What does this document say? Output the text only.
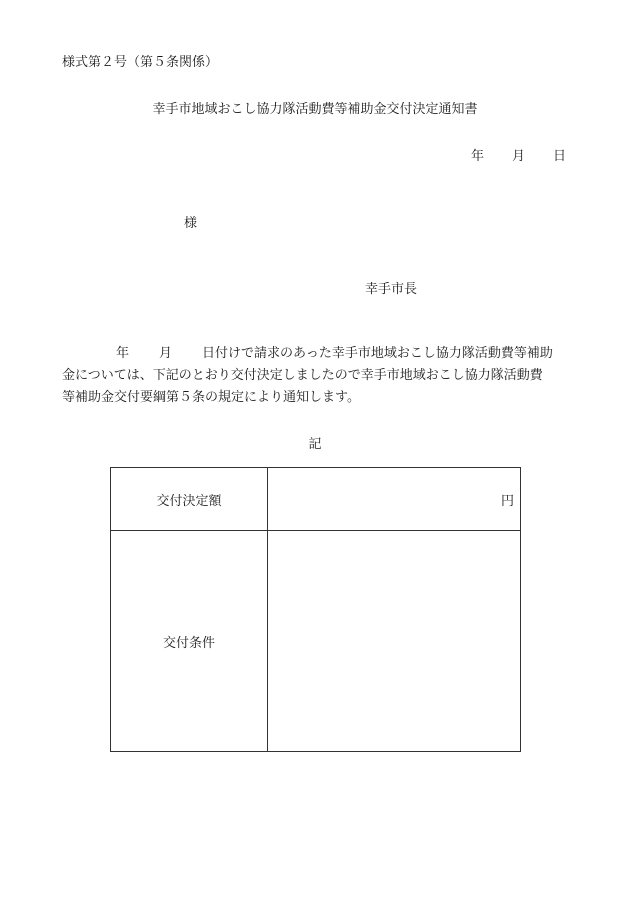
様式第２号（第５条関係）
幸手市地域おこし協力隊活動費等補助金交付決定通知書
年 月 日
様
幸手市長
年 月 日付けで請求のあった幸手市地域おこし協力隊活動費等補助
金については、下記のとおり交付決定しましたので幸手市地域おこし協力隊活動費
等補助金交付要綱第５条の規定により通知します。
記
交付決定額	円
交付条件	
